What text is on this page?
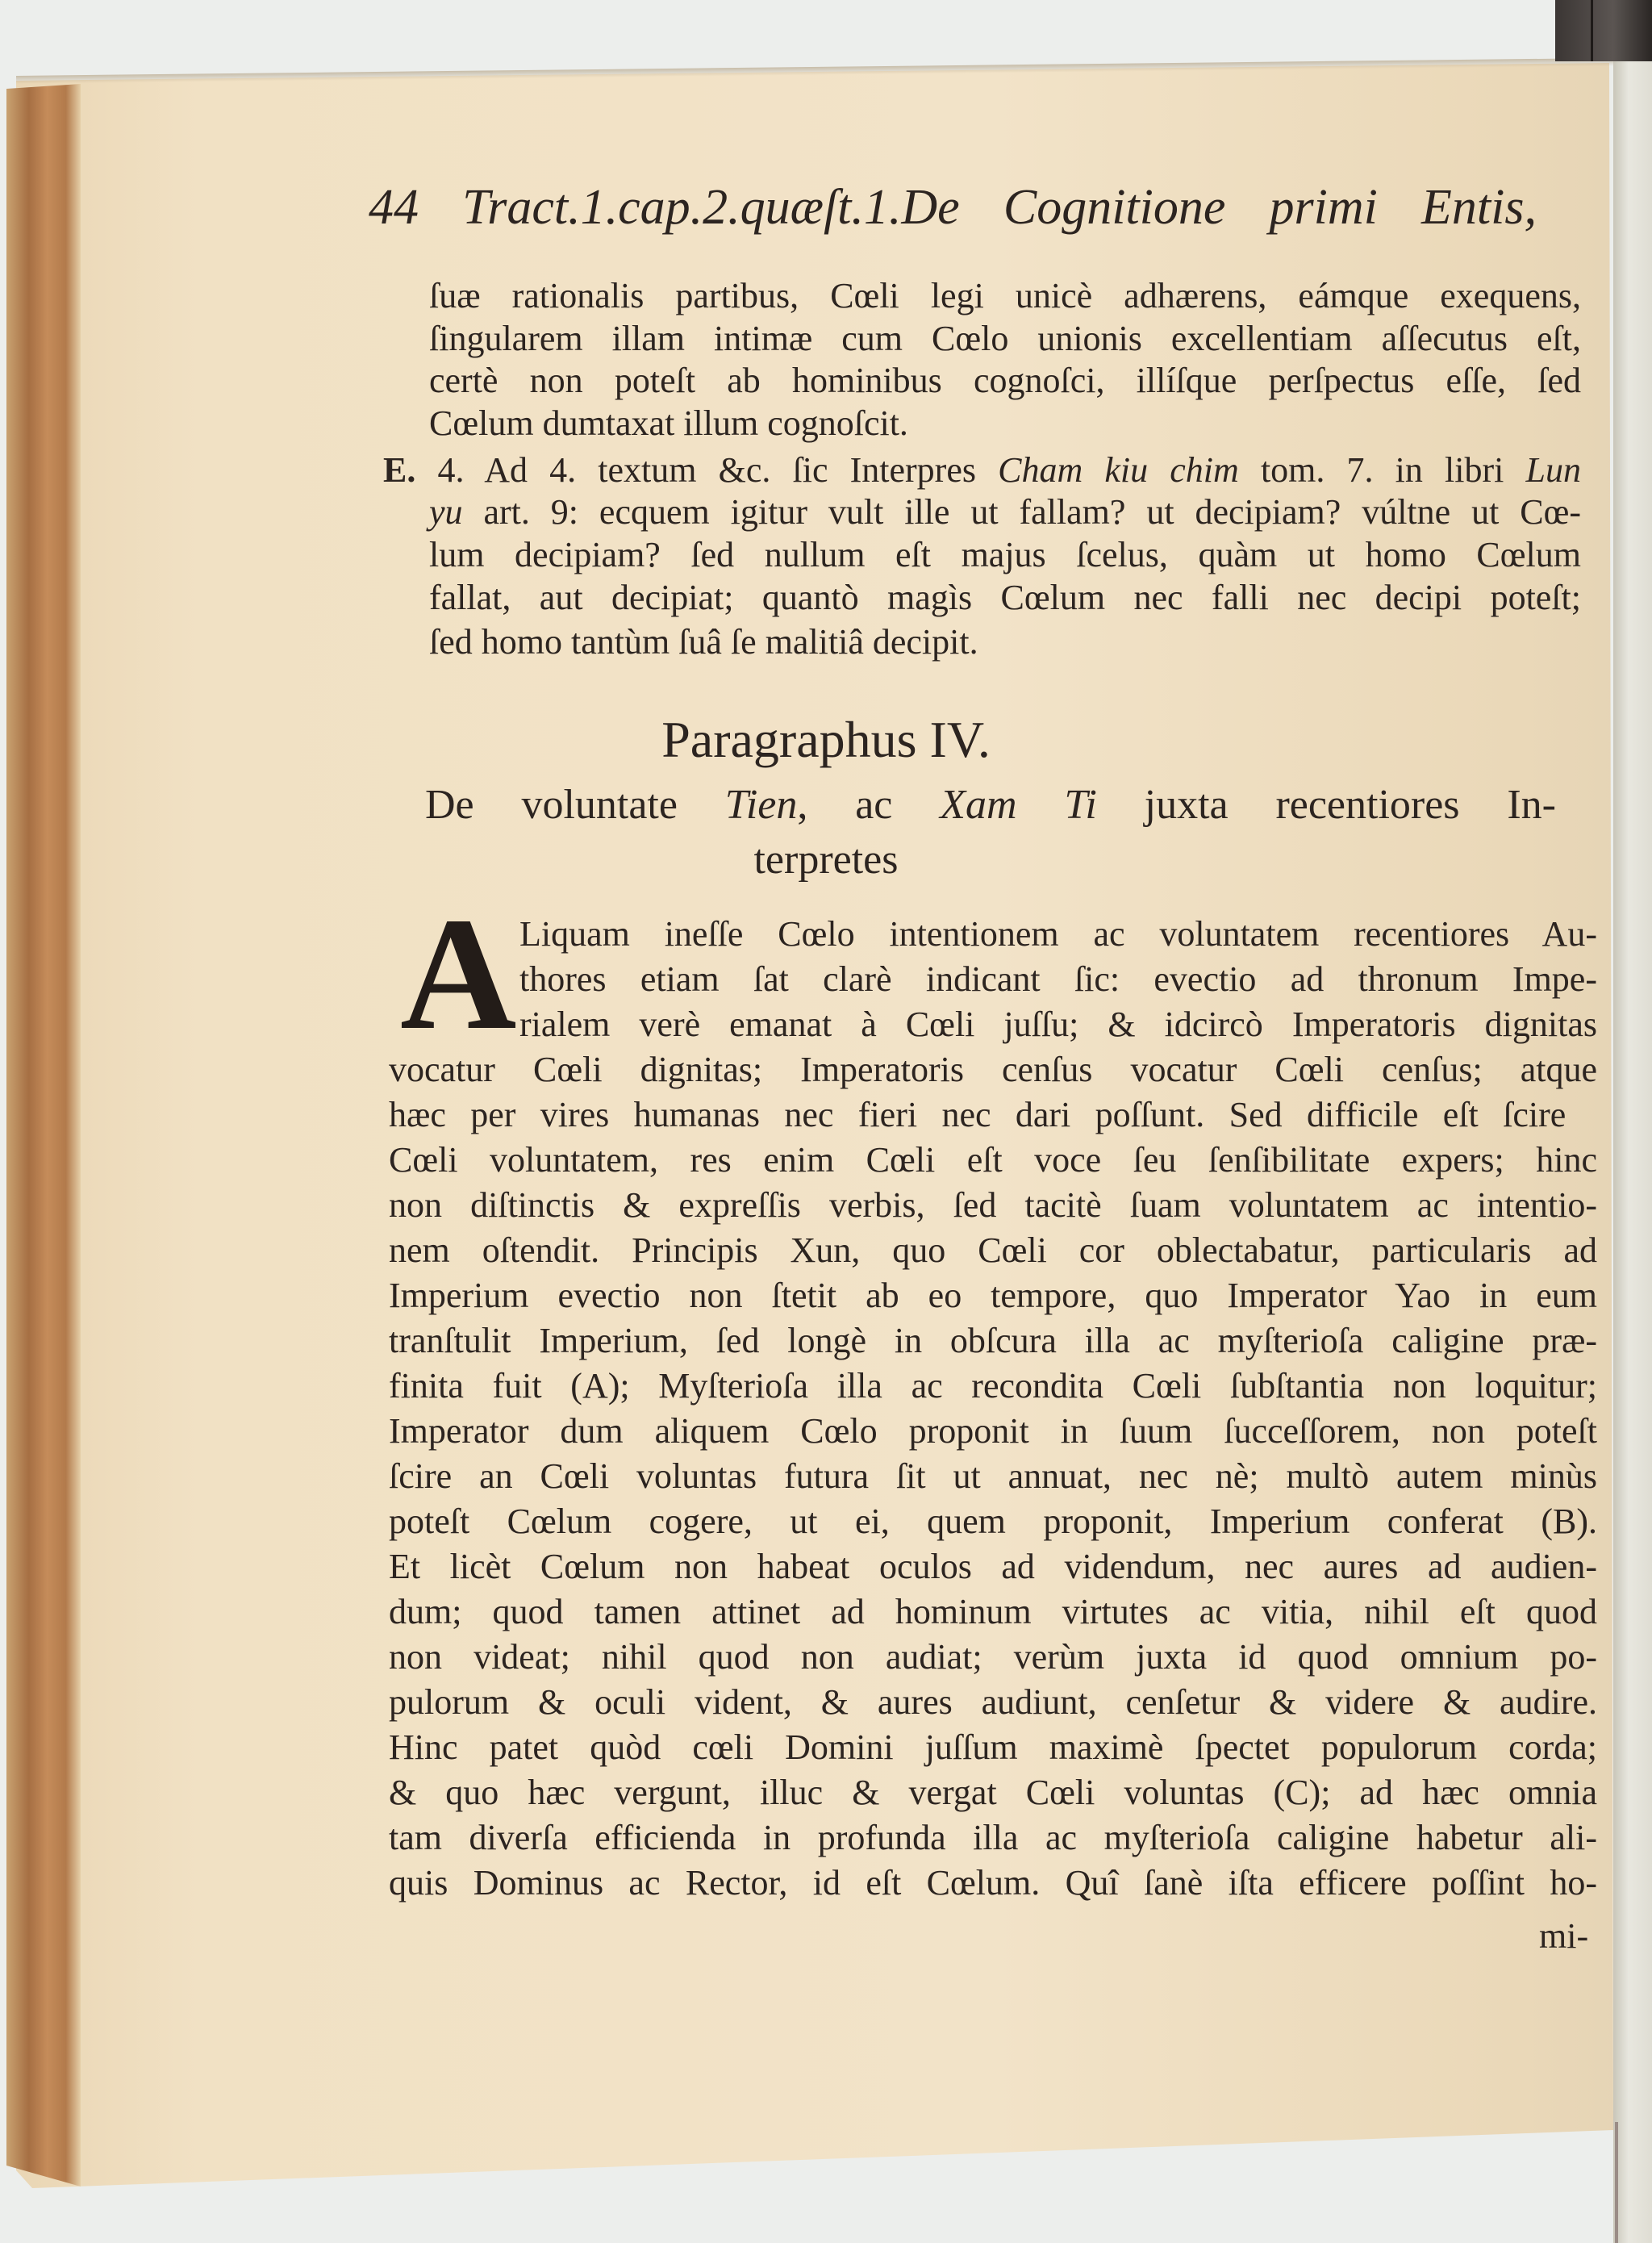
44 Tract.1.cap.2.quæſt.1.De Cognitione primi Entis,
ſuæ rationalis partibus, Cœli legi unicè adhærens, eámque exequens,
ſingularem illam intimæ cum Cœlo unionis excellentiam aſſecutus eſt,
certè non poteſt ab hominibus cognoſci, illíſque perſpectus eſſe, ſed
Cœlum dumtaxat illum cognoſcit.
E. 4. Ad 4. textum &c. ſic Interpres Cham kiu chim tom. 7. in libri Lun
yu art. 9: ecquem igitur vult ille ut fallam? ut decipiam? vúltne ut Cœ-
lum decipiam? ſed nullum eſt majus ſcelus, quàm ut homo Cœlum
fallat, aut decipiat; quantò magìs Cœlum nec falli nec decipi poteſt;
ſed homo tantùm ſuâ ſe malitiâ decipit.
Paragraphus IV.
De voluntate Tien, ac Xam Ti juxta recentiores In-
terpretes
A Liquam ineſſe Cœlo intentionem ac voluntatem recentiores Au-
thores etiam ſat clarè indicant ſic: evectio ad thronum Impe-
rialem verè emanat à Cœli juſſu; & idcircò Imperatoris dignitas
vocatur Cœli dignitas; Imperatoris cenſus vocatur Cœli cenſus; atque
hæc per vires humanas nec fieri nec dari poſſunt. Sed difficile eſt ſcire
Cœli voluntatem, res enim Cœli eſt voce ſeu ſenſibilitate expers; hinc
non diſtinctis & expreſſis verbis, ſed tacitè ſuam voluntatem ac intentio-
nem oſtendit. Principis Xun, quo Cœli cor oblectabatur, particularis ad
Imperium evectio non ſtetit ab eo tempore, quo Imperator Yao in eum
tranſtulit Imperium, ſed longè in obſcura illa ac myſterioſa caligine præ-
finita fuit (A); Myſterioſa illa ac recondita Cœli ſubſtantia non loquitur;
Imperator dum aliquem Cœlo proponit in ſuum ſucceſſorem, non poteſt
ſcire an Cœli voluntas futura ſit ut annuat, nec nè; multò autem minùs
poteſt Cœlum cogere, ut ei, quem proponit, Imperium conferat (B).
Et licèt Cœlum non habeat oculos ad videndum, nec aures ad audien-
dum; quod tamen attinet ad hominum virtutes ac vitia, nihil eſt quod
non videat; nihil quod non audiat; verùm juxta id quod omnium po-
pulorum & oculi vident, & aures audiunt, cenſetur & videre & audire.
Hinc patet quòd cœli Domini juſſum maximè ſpectet populorum corda;
& quo hæc vergunt, illuc & vergat Cœli voluntas (C); ad hæc omnia
tam diverſa efficienda in profunda illa ac myſterioſa caligine habetur ali-
quis Dominus ac Rector, id eſt Cœlum. Quî ſanè iſta efficere poſſint ho-
mi-
